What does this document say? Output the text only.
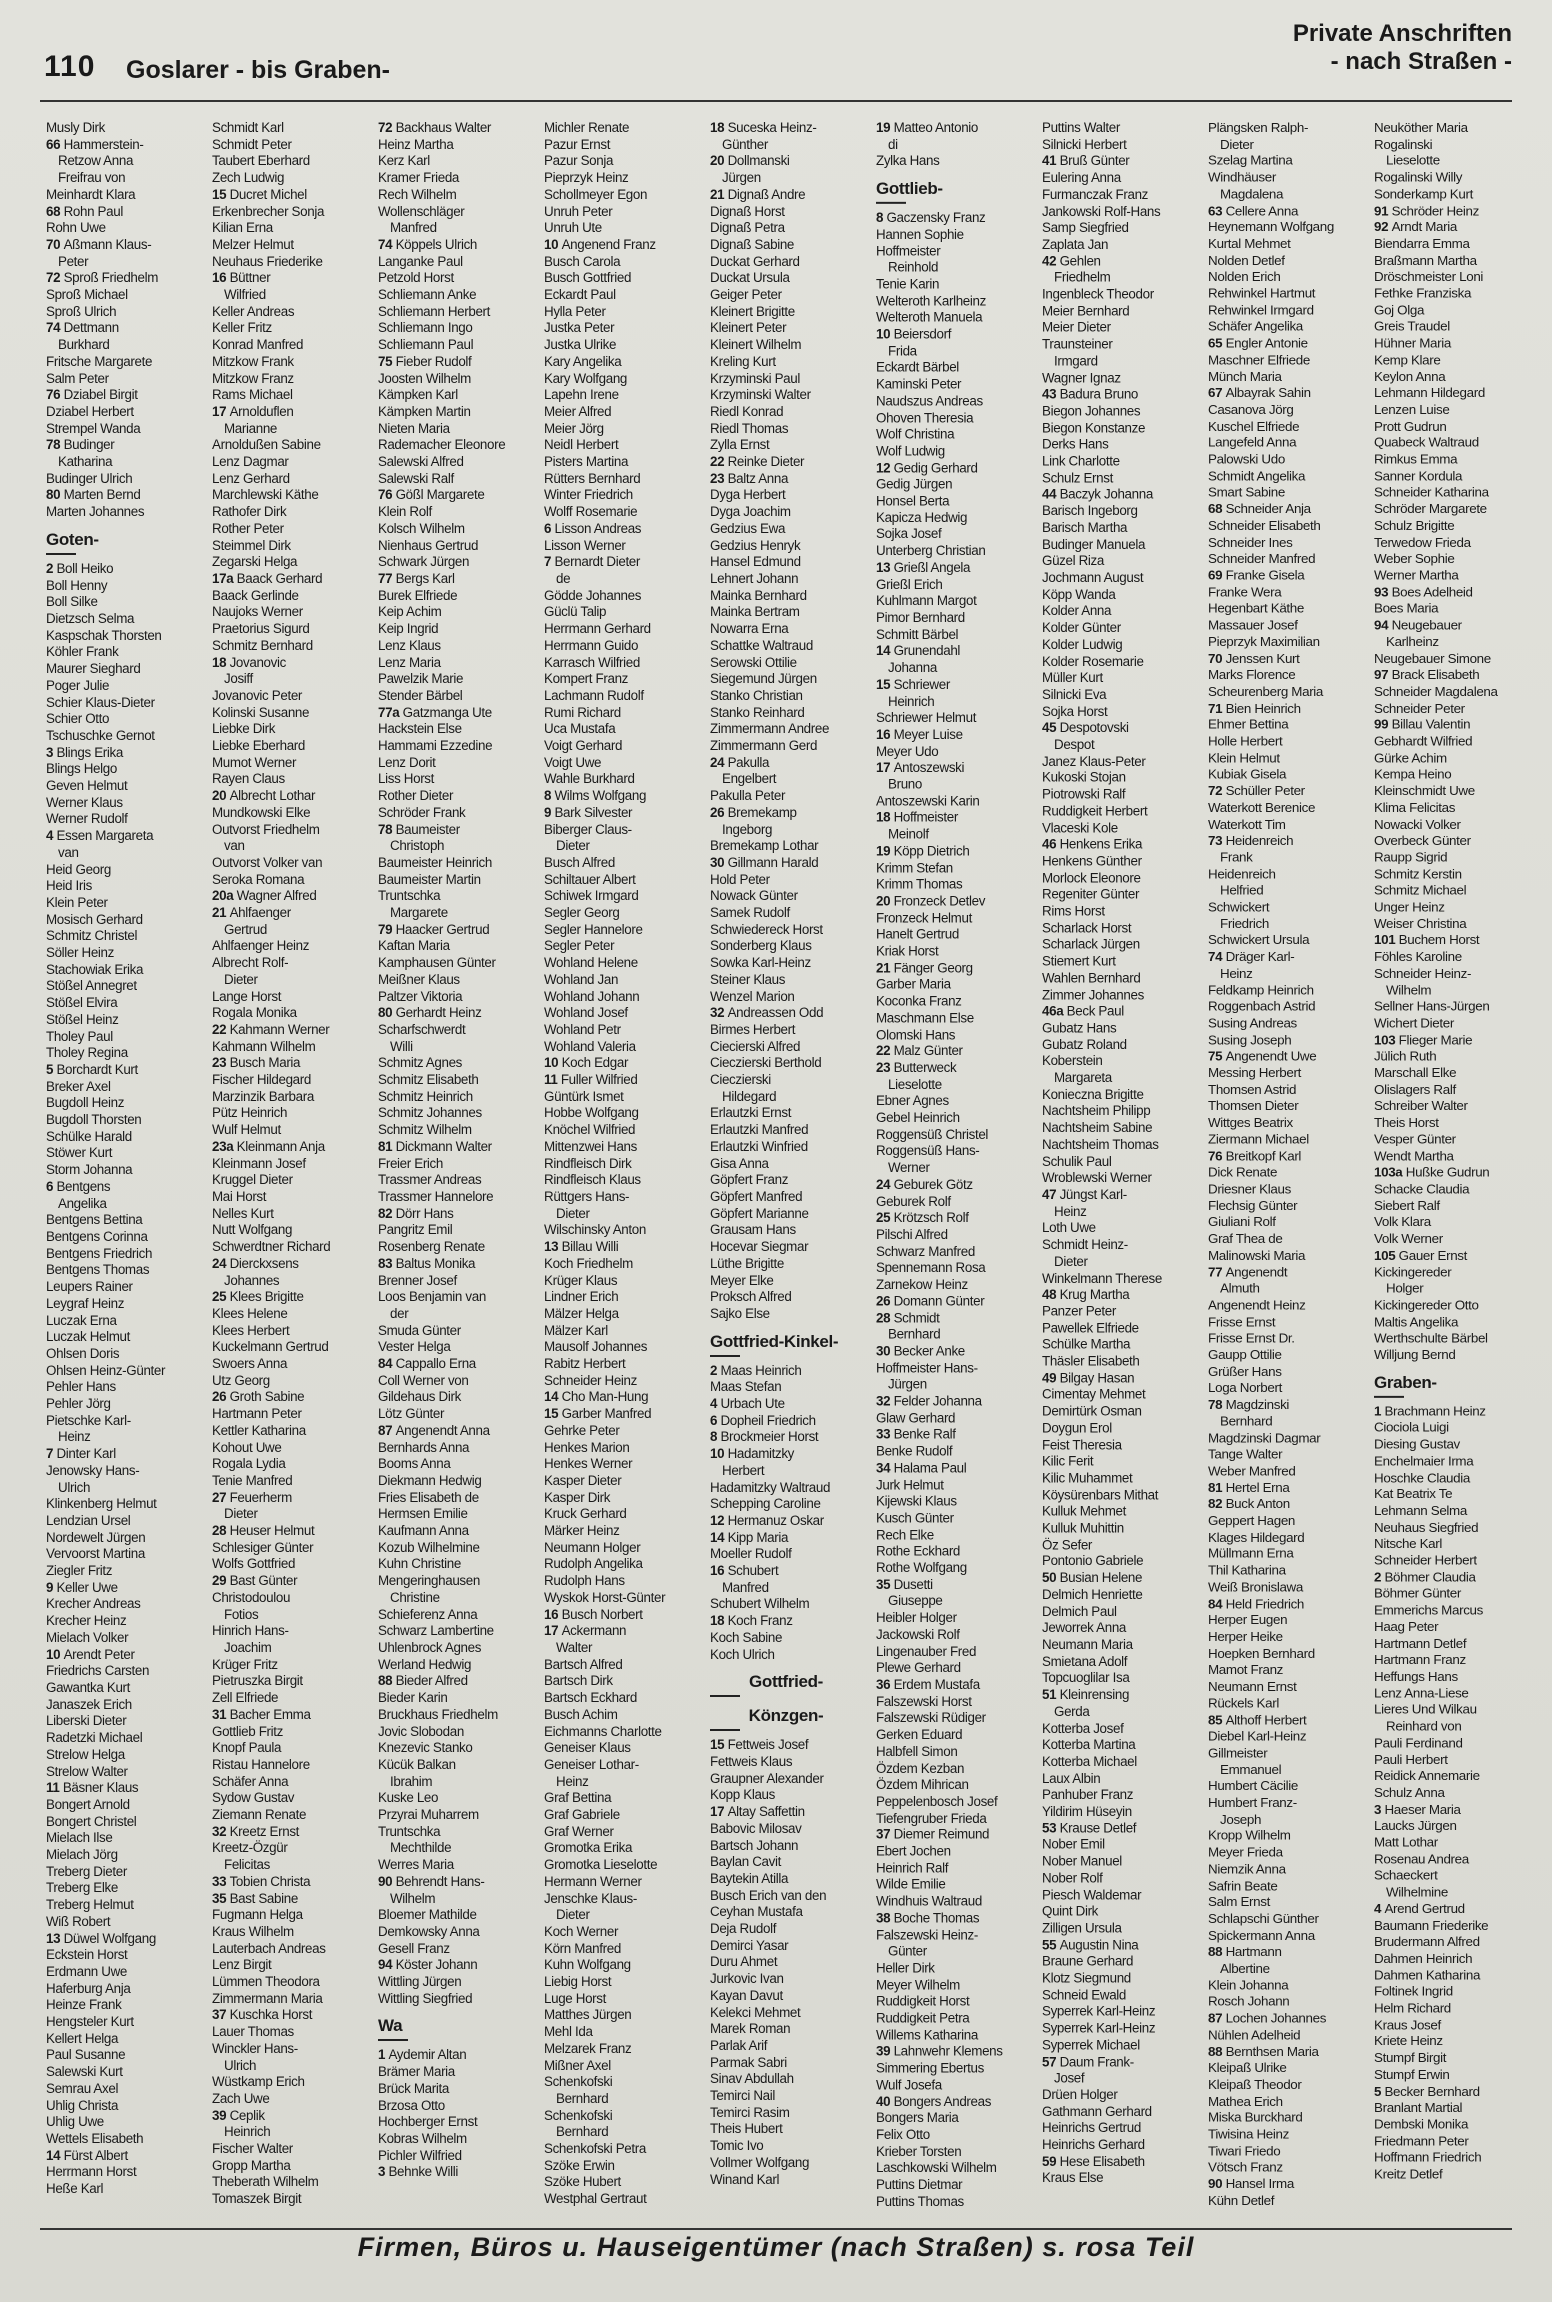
110 Goslarer - bis Graben-
Private Anschriften
- nach Straßen -
Musly Dirk
66 Hammerstein-
Retzow Anna
Freifrau von
Meinhardt Klara
68 Rohn Paul
Rohn Uwe
70 Aßmann Klaus-
Peter
72 Sproß Friedhelm
Sproß Michael
Sproß Ulrich
74 Dettmann
Burkhard
Fritsche Margarete
Salm Peter
76 Dziabel Birgit
Dziabel Herbert
Strempel Wanda
78 Budinger
Katharina
Budinger Ulrich
80 Marten Bernd
Marten Johannes
Goten-
2 Boll Heiko
Boll Henny
Boll Silke
Dietzsch Selma
Kaspschak Thorsten
Köhler Frank
Maurer Sieghard
Poger Julie
Schier Klaus-Dieter
Schier Otto
Tschuschke Gernot
3 Blings Erika
Blings Helgo
Geven Helmut
Werner Klaus
Werner Rudolf
4 Essen Margareta
van
Heid Georg
Heid Iris
Klein Peter
Mosisch Gerhard
Schmitz Christel
Söller Heinz
Stachowiak Erika
Stößel Annegret
Stößel Elvira
Stößel Heinz
Tholey Paul
Tholey Regina
5 Borchardt Kurt
Breker Axel
Bugdoll Heinz
Bugdoll Thorsten
Schülke Harald
Stöwer Kurt
Storm Johanna
6 Bentgens
Angelika
Bentgens Bettina
Bentgens Corinna
Bentgens Friedrich
Bentgens Thomas
Leupers Rainer
Leygraf Heinz
Luczak Erna
Luczak Helmut
Ohlsen Doris
Ohlsen Heinz-Günter
Pehler Hans
Pehler Jörg
Pietschke Karl-
Heinz
7 Dinter Karl
Jenowsky Hans-
Ulrich
Klinkenberg Helmut
Lendzian Ursel
Nordewelt Jürgen
Vervoorst Martina
Ziegler Fritz
9 Keller Uwe
Krecher Andreas
Krecher Heinz
Mielach Volker
10 Arendt Peter
Friedrichs Carsten
Gawantka Kurt
Janaszek Erich
Liberski Dieter
Radetzki Michael
Strelow Helga
Strelow Walter
11 Bäsner Klaus
Bongert Arnold
Bongert Christel
Mielach Ilse
Mielach Jörg
Treberg Dieter
Treberg Elke
Treberg Helmut
Wiß Robert
13 Düwel Wolfgang
Eckstein Horst
Erdmann Uwe
Haferburg Anja
Heinze Frank
Hengsteler Kurt
Kellert Helga
Paul Susanne
Salewski Kurt
Semrau Axel
Uhlig Christa
Uhlig Uwe
Wettels Elisabeth
14 Fürst Albert
Herrmann Horst
Heße Karl
Schmidt Karl
Schmidt Peter
Taubert Eberhard
Zech Ludwig
15 Ducret Michel
Erkenbrecher Sonja
Kilian Erna
Melzer Helmut
Neuhaus Friederike
16 Büttner
Wilfried
Keller Andreas
Keller Fritz
Konrad Manfred
Mitzkow Frank
Mitzkow Franz
Rams Michael
17 Arnolduflen
Marianne
Arnoldußen Sabine
Lenz Dagmar
Lenz Gerhard
Marchlewski Käthe
Rathofer Dirk
Rother Peter
Steimmel Dirk
Zegarski Helga
17a Baack Gerhard
Baack Gerlinde
Naujoks Werner
Praetorius Sigurd
Schmitz Bernhard
18 Jovanovic
Josiff
Jovanovic Peter
Kolinski Susanne
Liebke Dirk
Liebke Eberhard
Mumot Werner
Rayen Claus
20 Albrecht Lothar
Mundkowski Elke
Outvorst Friedhelm
van
Outvorst Volker van
Seroka Romana
20a Wagner Alfred
21 Ahlfaenger
Gertrud
Ahlfaenger Heinz
Albrecht Rolf-
Dieter
Lange Horst
Rogala Monika
22 Kahmann Werner
Kahmann Wilhelm
23 Busch Maria
Fischer Hildegard
Marzinzik Barbara
Pütz Heinrich
Wulf Helmut
23a Kleinmann Anja
Kleinmann Josef
Kruggel Dieter
Mai Horst
Nelles Kurt
Nutt Wolfgang
Schwerdtner Richard
24 Dierckxsens
Johannes
25 Klees Brigitte
Klees Helene
Klees Herbert
Kuckelmann Gertrud
Swoers Anna
Utz Georg
26 Groth Sabine
Hartmann Peter
Kettler Katharina
Kohout Uwe
Rogala Lydia
Tenie Manfred
27 Feuerherm
Dieter
28 Heuser Helmut
Schlesiger Günter
Wolfs Gottfried
29 Bast Günter
Christodoulou
Fotios
Hinrich Hans-
Joachim
Krüger Fritz
Pietruszka Birgit
Zell Elfriede
31 Bacher Emma
Gottlieb Fritz
Knopf Paula
Ristau Hannelore
Schäfer Anna
Sydow Gustav
Ziemann Renate
32 Kreetz Ernst
Kreetz-Özgür
Felicitas
33 Tobien Christa
35 Bast Sabine
Fugmann Helga
Kraus Wilhelm
Lauterbach Andreas
Lenz Birgit
Lümmen Theodora
Zimmermann Maria
37 Kuschka Horst
Lauer Thomas
Winckler Hans-
Ulrich
Wüstkamp Erich
Zach Uwe
39 Ceplik
Heinrich
Fischer Walter
Gropp Martha
Theberath Wilhelm
Tomaszek Birgit
72 Backhaus Walter
Heinz Martha
Kerz Karl
Kramer Frieda
Rech Wilhelm
Wollenschläger
Manfred
74 Köppels Ulrich
Langanke Paul
Petzold Horst
Schliemann Anke
Schliemann Herbert
Schliemann Ingo
Schliemann Paul
75 Fieber Rudolf
Joosten Wilhelm
Kämpken Karl
Kämpken Martin
Nieten Maria
Rademacher Eleonore
Salewski Alfred
Salewski Ralf
76 Gößl Margarete
Klein Rolf
Kolsch Wilhelm
Nienhaus Gertrud
Schwark Jürgen
77 Bergs Karl
Burek Elfriede
Keip Achim
Keip Ingrid
Lenz Klaus
Lenz Maria
Pawelzik Marie
Stender Bärbel
77a Gatzmanga Ute
Hackstein Else
Hammami Ezzedine
Lenz Dorit
Liss Horst
Rother Dieter
Schröder Frank
78 Baumeister
Christoph
Baumeister Heinrich
Baumeister Martin
Truntschka
Margarete
79 Haacker Gertrud
Kaftan Maria
Kamphausen Günter
Meißner Klaus
Paltzer Viktoria
80 Gerhardt Heinz
Scharfschwerdt
Willi
Schmitz Agnes
Schmitz Elisabeth
Schmitz Heinrich
Schmitz Johannes
Schmitz Wilhelm
81 Dickmann Walter
Freier Erich
Trassmer Andreas
Trassmer Hannelore
82 Dörr Hans
Pangritz Emil
Rosenberg Renate
83 Baltus Monika
Brenner Josef
Loos Benjamin van
der
Smuda Günter
Vester Helga
84 Cappallo Erna
Coll Werner von
Gildehaus Dirk
Lötz Günter
87 Angenendt Anna
Bernhards Anna
Booms Anna
Diekmann Hedwig
Fries Elisabeth de
Hermsen Emilie
Kaufmann Anna
Kozub Wilhelmine
Kuhn Christine
Mengeringhausen
Christine
Schieferenz Anna
Schwarz Lambertine
Uhlenbrock Agnes
Werland Hedwig
88 Bieder Alfred
Bieder Karin
Bruckhaus Friedhelm
Jovic Slobodan
Knezevic Stanko
Kücük Balkan
Ibrahim
Kuske Leo
Przyrai Muharrem
Truntschka
Mechthilde
Werres Maria
90 Behrendt Hans-
Wilhelm
Bloemer Mathilde
Demkowsky Anna
Gesell Franz
94 Köster Johann
Wittling Jürgen
Wittling Siegfried
Wa
1 Aydemir Altan
Brämer Maria
Brück Marita
Brzosa Otto
Hochberger Ernst
Kobras Wilhelm
Pichler Wilfried
3 Behnke Willi
Michler Renate
Pazur Ernst
Pazur Sonja
Pieprzyk Heinz
Schollmeyer Egon
Unruh Peter
Unruh Ute
10 Angenend Franz
Busch Carola
Busch Gottfried
Eckardt Paul
Hylla Peter
Justka Peter
Justka Ulrike
Kary Angelika
Kary Wolfgang
Lapehn Irene
Meier Alfred
Meier Jörg
Neidl Herbert
Pisters Martina
Rütters Bernhard
Winter Friedrich
Wolff Rosemarie
6 Lisson Andreas
Lisson Werner
7 Bernardt Dieter
de
Gödde Johannes
Güclü Talip
Herrmann Gerhard
Herrmann Guido
Karrasch Wilfried
Kompert Franz
Lachmann Rudolf
Rumi Richard
Uca Mustafa
Voigt Gerhard
Voigt Uwe
Wahle Burkhard
8 Wilms Wolfgang
9 Bark Silvester
Biberger Claus-
Dieter
Busch Alfred
Schiltauer Albert
Schiwek Irmgard
Segler Georg
Segler Hannelore
Segler Peter
Wohland Helene
Wohland Jan
Wohland Johann
Wohland Josef
Wohland Petr
Wohland Valeria
10 Koch Edgar
11 Fuller Wilfried
Güntürk Ismet
Hobbe Wolfgang
Knöchel Wilfried
Mittenzwei Hans
Rindfleisch Dirk
Rindfleisch Klaus
Rüttgers Hans-
Dieter
Wilschinsky Anton
13 Billau Willi
Koch Friedhelm
Krüger Klaus
Lindner Erich
Mälzer Helga
Mälzer Karl
Mausolf Johannes
Rabitz Herbert
Schneider Heinz
14 Cho Man-Hung
15 Garber Manfred
Gehrke Peter
Henkes Marion
Henkes Werner
Kasper Dieter
Kasper Dirk
Kruck Gerhard
Märker Heinz
Neumann Holger
Rudolph Angelika
Rudolph Hans
Wyskok Horst-Günter
16 Busch Norbert
17 Ackermann
Walter
Bartsch Alfred
Bartsch Dirk
Bartsch Eckhard
Busch Achim
Eichmanns Charlotte
Geneiser Klaus
Geneiser Lothar-
Heinz
Graf Bettina
Graf Gabriele
Graf Werner
Gromotka Erika
Gromotka Lieselotte
Hermann Werner
Jenschke Klaus-
Dieter
Koch Werner
Körn Manfred
Kuhn Wolfgang
Liebig Horst
Luge Horst
Matthes Jürgen
Mehl Ida
Melzarek Franz
Mißner Axel
Schenkofski
Bernhard
Schenkofski
Bernhard
Schenkofski Petra
Szöke Erwin
Szöke Hubert
Westphal Gertraut
18 Suceska Heinz-
Günther
20 Dollmanski
Jürgen
21 Dignaß Andre
Dignaß Horst
Dignaß Petra
Dignaß Sabine
Duckat Gerhard
Duckat Ursula
Geiger Peter
Kleinert Brigitte
Kleinert Peter
Kleinert Wilhelm
Kreling Kurt
Krzyminski Paul
Krzyminski Walter
Riedl Konrad
Riedl Thomas
Zylla Ernst
22 Reinke Dieter
23 Baltz Anna
Dyga Herbert
Dyga Joachim
Gedzius Ewa
Gedzius Henryk
Hansel Edmund
Lehnert Johann
Mainka Bernhard
Mainka Bertram
Nowarra Erna
Schattke Waltraud
Serowski Ottilie
Siegemund Jürgen
Stanko Christian
Stanko Reinhard
Zimmermann Andree
Zimmermann Gerd
24 Pakulla
Engelbert
Pakulla Peter
26 Bremekamp
Ingeborg
Bremekamp Lothar
30 Gillmann Harald
Hold Peter
Nowack Günter
Samek Rudolf
Schwiedereck Horst
Sonderberg Klaus
Sowka Karl-Heinz
Steiner Klaus
Wenzel Marion
32 Andreassen Odd
Birmes Herbert
Ciecierski Alfred
Cieczierski Berthold
Cieczierski
Hildegard
Erlautzki Ernst
Erlautzki Manfred
Erlautzki Winfried
Gisa Anna
Göpfert Franz
Göpfert Manfred
Göpfert Marianne
Grausam Hans
Hocevar Siegmar
Lüthe Brigitte
Meyer Elke
Proksch Alfred
Sajko Else
Gottfried-Kinkel-
2 Maas Heinrich
Maas Stefan
4 Urbach Ute
6 Dopheil Friedrich
8 Brockmeier Horst
10 Hadamitzky
Herbert
Hadamitzky Waltraud
Schepping Caroline
12 Hermanuz Oskar
14 Kipp Maria
Moeller Rudolf
16 Schubert
Manfred
Schubert Wilhelm
18 Koch Franz
Koch Sabine
Koch Ulrich
Gottfried-
Könzgen-
15 Fettweis Josef
Fettweis Klaus
Graupner Alexander
Kopp Klaus
17 Altay Saffettin
Babovic Milosav
Bartsch Johann
Baylan Cavit
Baytekin Atilla
Busch Erich van den
Ceyhan Mustafa
Deja Rudolf
Demirci Yasar
Duru Ahmet
Jurkovic Ivan
Kayan Davut
Kelekci Mehmet
Marek Roman
Parlak Arif
Parmak Sabri
Sinav Abdullah
Temirci Nail
Temirci Rasim
Theis Hubert
Tomic Ivo
Vollmer Wolfgang
Winand Karl
19 Matteo Antonio
di
Zylka Hans
Gottlieb-
8 Gaczensky Franz
Hannen Sophie
Hoffmeister
Reinhold
Tenie Karin
Welteroth Karlheinz
Welteroth Manuela
10 Beiersdorf
Frida
Eckardt Bärbel
Kaminski Peter
Naudszus Andreas
Ohoven Theresia
Wolf Christina
Wolf Ludwig
12 Gedig Gerhard
Gedig Jürgen
Honsel Berta
Kapicza Hedwig
Sojka Josef
Unterberg Christian
13 Grießl Angela
Grießl Erich
Kuhlmann Margot
Pimor Bernhard
Schmitt Bärbel
14 Grunendahl
Johanna
15 Schriewer
Heinrich
Schriewer Helmut
16 Meyer Luise
Meyer Udo
17 Antoszewski
Bruno
Antoszewski Karin
18 Hoffmeister
Meinolf
19 Köpp Dietrich
Krimm Stefan
Krimm Thomas
20 Fronzeck Detlev
Fronzeck Helmut
Hanelt Gertrud
Kriak Horst
21 Fänger Georg
Garber Maria
Koconka Franz
Maschmann Else
Olomski Hans
22 Malz Günter
23 Butterweck
Lieselotte
Ebner Agnes
Gebel Heinrich
Roggensüß Christel
Roggensüß Hans-
Werner
24 Geburek Götz
Geburek Rolf
25 Krötzsch Rolf
Pilschi Alfred
Schwarz Manfred
Spennemann Rosa
Zarnekow Heinz
26 Domann Günter
28 Schmidt
Bernhard
30 Becker Anke
Hoffmeister Hans-
Jürgen
32 Felder Johanna
Glaw Gerhard
33 Benke Ralf
Benke Rudolf
34 Halama Paul
Jurk Helmut
Kijewski Klaus
Kusch Günter
Rech Elke
Rothe Eckhard
Rothe Wolfgang
35 Dusetti
Giuseppe
Heibler Holger
Jackowski Rolf
Lingenauber Fred
Plewe Gerhard
36 Erdem Mustafa
Falszewski Horst
Falszewski Rüdiger
Gerken Eduard
Halbfell Simon
Özdem Kezban
Özdem Mihrican
Peppelenbosch Josef
Tiefengruber Frieda
37 Diemer Reimund
Ebert Jochen
Heinrich Ralf
Wilde Emilie
Windhuis Waltraud
38 Boche Thomas
Falszewski Heinz-
Günter
Heller Dirk
Meyer Wilhelm
Ruddigkeit Horst
Ruddigkeit Petra
Willems Katharina
39 Lahnwehr Klemens
Simmering Ebertus
Wulf Josefa
40 Bongers Andreas
Bongers Maria
Felix Otto
Krieber Torsten
Laschkowski Wilhelm
Puttins Dietmar
Puttins Thomas
Puttins Walter
Silnicki Herbert
41 Bruß Günter
Eulering Anna
Furmanczak Franz
Jankowski Rolf-Hans
Samp Siegfried
Zaplata Jan
42 Gehlen
Friedhelm
Ingenbleck Theodor
Meier Bernhard
Meier Dieter
Traunsteiner
Irmgard
Wagner Ignaz
43 Badura Bruno
Biegon Johannes
Biegon Konstanze
Derks Hans
Link Charlotte
Schulz Ernst
44 Baczyk Johanna
Barisch Ingeborg
Barisch Martha
Budinger Manuela
Güzel Riza
Jochmann August
Köpp Wanda
Kolder Anna
Kolder Günter
Kolder Ludwig
Kolder Rosemarie
Müller Kurt
Silnicki Eva
Sojka Horst
45 Despotovski
Despot
Janez Klaus-Peter
Kukoski Stojan
Piotrowski Ralf
Ruddigkeit Herbert
Vlaceski Kole
46 Henkens Erika
Henkens Günther
Morlock Eleonore
Regeniter Günter
Rims Horst
Scharlack Horst
Scharlack Jürgen
Stiemert Kurt
Wahlen Bernhard
Zimmer Johannes
46a Beck Paul
Gubatz Hans
Gubatz Roland
Koberstein
Margareta
Konieczna Brigitte
Nachtsheim Philipp
Nachtsheim Sabine
Nachtsheim Thomas
Schulik Paul
Wroblewski Werner
47 Jüngst Karl-
Heinz
Loth Uwe
Schmidt Heinz-
Dieter
Winkelmann Therese
48 Krug Martha
Panzer Peter
Pawellek Elfriede
Schülke Martha
Thäsler Elisabeth
49 Bilgay Hasan
Cimentay Mehmet
Demirtürk Osman
Doygun Erol
Feist Theresia
Kilic Ferit
Kilic Muhammet
Köysürenbars Mithat
Kulluk Mehmet
Kulluk Muhittin
Öz Sefer
Pontonio Gabriele
50 Busian Helene
Delmich Henriette
Delmich Paul
Jeworrek Anna
Neumann Maria
Smietana Adolf
Topcuoglilar Isa
51 Kleinrensing
Gerda
Kotterba Josef
Kotterba Martina
Kotterba Michael
Laux Albin
Panhuber Franz
Yildirim Hüseyin
53 Krause Detlef
Nober Emil
Nober Manuel
Nober Rolf
Piesch Waldemar
Quint Dirk
Zilligen Ursula
55 Augustin Nina
Braune Gerhard
Klotz Siegmund
Schneid Ewald
Syperrek Karl-Heinz
Syperrek Karl-Heinz
Syperrek Michael
57 Daum Frank-
Josef
Drüen Holger
Gathmann Gerhard
Heinrichs Gertrud
Heinrichs Gerhard
59 Hese Elisabeth
Kraus Else
Plängsken Ralph-
Dieter
Szelag Martina
Windhäuser
Magdalena
63 Cellere Anna
Heynemann Wolfgang
Kurtal Mehmet
Nolden Detlef
Nolden Erich
Rehwinkel Hartmut
Rehwinkel Irmgard
Schäfer Angelika
65 Engler Antonie
Maschner Elfriede
Münch Maria
67 Albayrak Sahin
Casanova Jörg
Kuschel Elfriede
Langefeld Anna
Palowski Udo
Schmidt Angelika
Smart Sabine
68 Schneider Anja
Schneider Elisabeth
Schneider Ines
Schneider Manfred
69 Franke Gisela
Franke Wera
Hegenbart Käthe
Massauer Josef
Pieprzyk Maximilian
70 Jenssen Kurt
Marks Florence
Scheurenberg Maria
71 Bien Heinrich
Ehmer Bettina
Holle Herbert
Klein Helmut
Kubiak Gisela
72 Schüller Peter
Waterkott Berenice
Waterkott Tim
73 Heidenreich
Frank
Heidenreich
Helfried
Schwickert
Friedrich
Schwickert Ursula
74 Dräger Karl-
Heinz
Feldkamp Heinrich
Roggenbach Astrid
Susing Andreas
Susing Joseph
75 Angenendt Uwe
Messing Herbert
Thomsen Astrid
Thomsen Dieter
Wittges Beatrix
Ziermann Michael
76 Breitkopf Karl
Dick Renate
Driesner Klaus
Flechsig Günter
Giuliani Rolf
Graf Thea de
Malinowski Maria
77 Angenendt
Almuth
Angenendt Heinz
Frisse Ernst
Frisse Ernst Dr.
Gaupp Ottilie
Grüßer Hans
Loga Norbert
78 Magdzinski
Bernhard
Magdzinski Dagmar
Tange Walter
Weber Manfred
81 Hertel Erna
82 Buck Anton
Geppert Hagen
Klages Hildegard
Müllmann Erna
Thil Katharina
Weiß Bronislawa
84 Held Friedrich
Herper Eugen
Herper Heike
Hoepken Bernhard
Mamot Franz
Neumann Ernst
Rückels Karl
85 Althoff Herbert
Diebel Karl-Heinz
Gillmeister
Emmanuel
Humbert Cäcilie
Humbert Franz-
Joseph
Kropp Wilhelm
Meyer Frieda
Niemzik Anna
Safrin Beate
Salm Ernst
Schlapschi Günther
Spickermann Anna
88 Hartmann
Albertine
Klein Johanna
Rosch Johann
87 Lochen Johannes
Nühlen Adelheid
88 Bernthsen Maria
Kleipaß Ulrike
Kleipaß Theodor
Mathea Erich
Miska Burckhard
Tiwisina Heinz
Tiwari Friedo
Vötsch Franz
90 Hansel Irma
Kühn Detlef
Neuköther Maria
Rogalinski
Lieselotte
Rogalinski Willy
Sonderkamp Kurt
91 Schröder Heinz
92 Arndt Maria
Biendarra Emma
Braßmann Martha
Dröschmeister Loni
Fethke Franziska
Goj Olga
Greis Traudel
Hühner Maria
Kemp Klare
Keylon Anna
Lehmann Hildegard
Lenzen Luise
Prott Gudrun
Quabeck Waltraud
Rimkus Emma
Sanner Kordula
Schneider Katharina
Schröder Margarete
Schulz Brigitte
Terwedow Frieda
Weber Sophie
Werner Martha
93 Boes Adelheid
Boes Maria
94 Neugebauer
Karlheinz
Neugebauer Simone
97 Brack Elisabeth
Schneider Magdalena
Schneider Peter
99 Billau Valentin
Gebhardt Wilfried
Gürke Achim
Kempa Heino
Kleinschmidt Uwe
Klima Felicitas
Nowacki Volker
Overbeck Günter
Raupp Sigrid
Schmitz Kerstin
Schmitz Michael
Unger Heinz
Weiser Christina
101 Buchem Horst
Föhles Karoline
Schneider Heinz-
Wilhelm
Sellner Hans-Jürgen
Wichert Dieter
103 Flieger Marie
Jülich Ruth
Marschall Elke
Olislagers Ralf
Schreiber Walter
Theis Horst
Vesper Günter
Wendt Martha
103a Hußke Gudrun
Schacke Claudia
Siebert Ralf
Volk Klara
Volk Werner
105 Gauer Ernst
Kickingereder
Holger
Kickingereder Otto
Maltis Angelika
Werthschulte Bärbel
Willjung Bernd
Graben-
1 Brachmann Heinz
Ciociola Luigi
Diesing Gustav
Enchelmaier Irma
Hoschke Claudia
Kat Beatrix Te
Lehmann Selma
Neuhaus Siegfried
Nitsche Karl
Schneider Herbert
2 Böhmer Claudia
Böhmer Günter
Emmerichs Marcus
Haag Peter
Hartmann Detlef
Hartmann Franz
Heffungs Hans
Lenz Anna-Liese
Lieres Und Wilkau
Reinhard von
Pauli Ferdinand
Pauli Herbert
Reidick Annemarie
Schulz Anna
3 Haeser Maria
Laucks Jürgen
Matt Lothar
Rosenau Andrea
Schaeckert
Wilhelmine
4 Arend Gertrud
Baumann Friederike
Brudermann Alfred
Dahmen Heinrich
Dahmen Katharina
Foltinek Ingrid
Helm Richard
Kraus Josef
Kriete Heinz
Stumpf Birgit
Stumpf Erwin
5 Becker Bernhard
Branlant Martial
Dembski Monika
Friedmann Peter
Hoffmann Friedrich
Kreitz Detlef
Firmen, Büros u. Hauseigentümer (nach Straßen) s. rosa Teil
